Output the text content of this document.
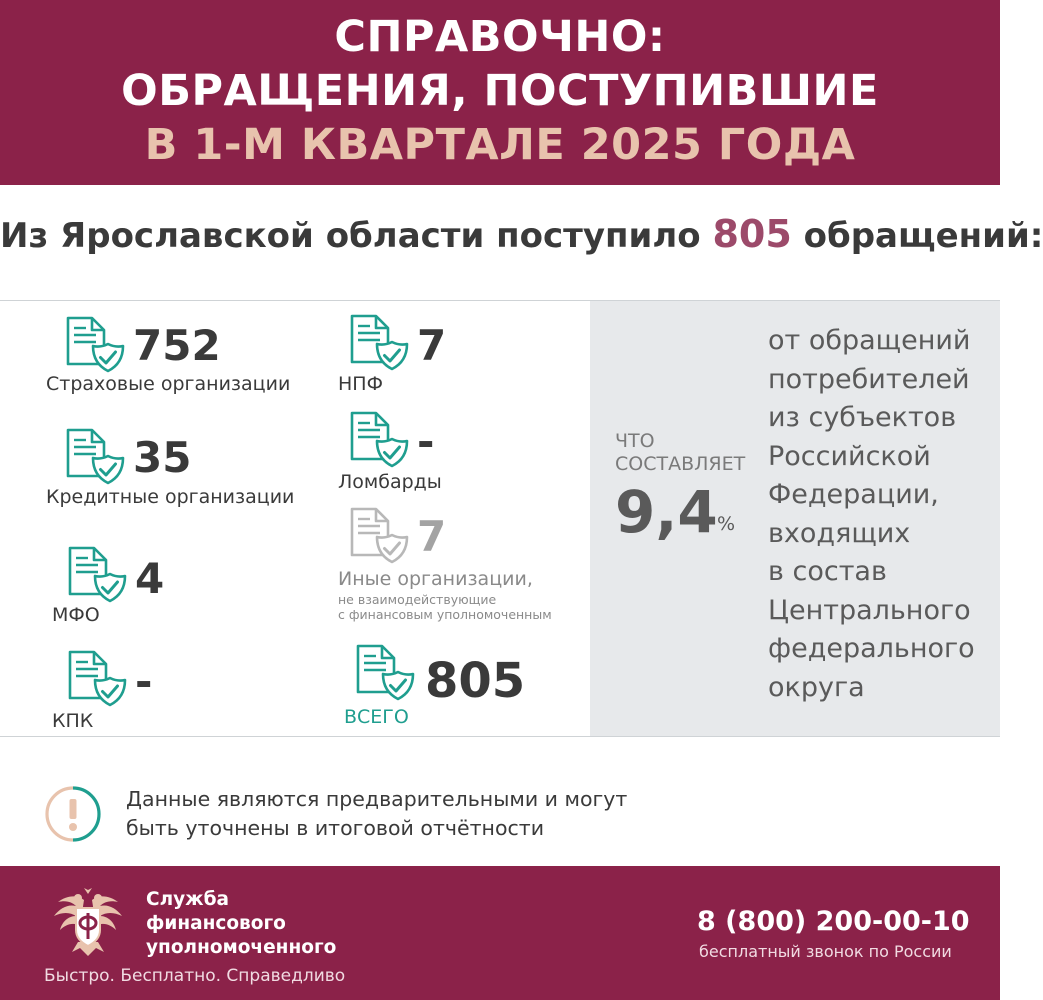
СПРАВОЧНО:
ОБРАЩЕНИЯ, ПОСТУПИВШИЕ
В 1-М КВАРТАЛЕ 2025 ГОДА
Из Ярославской области поступило 805 обращений:
752
Страховые организации
35
Кредитные организации
4
МФО
-
КПК
7
НПФ
-
Ломбарды
7
Иные организации,
не взаимодействующие
с финансовым уполномоченным
805
ВСЕГО
ЧТО
СОСТАВЛЯЕТ
9,4 %
от обращений
потребителей
из субъектов
Российской
Федерации,
входящих
в состав
Центрального
федерального
округа
Данные являются предварительными и могут
быть уточнены в итоговой отчётности
Служба
финансового
уполномоченного
Быстро. Бесплатно. Справедливо
8 (800) 200-00-10
бесплатный звонок по России
